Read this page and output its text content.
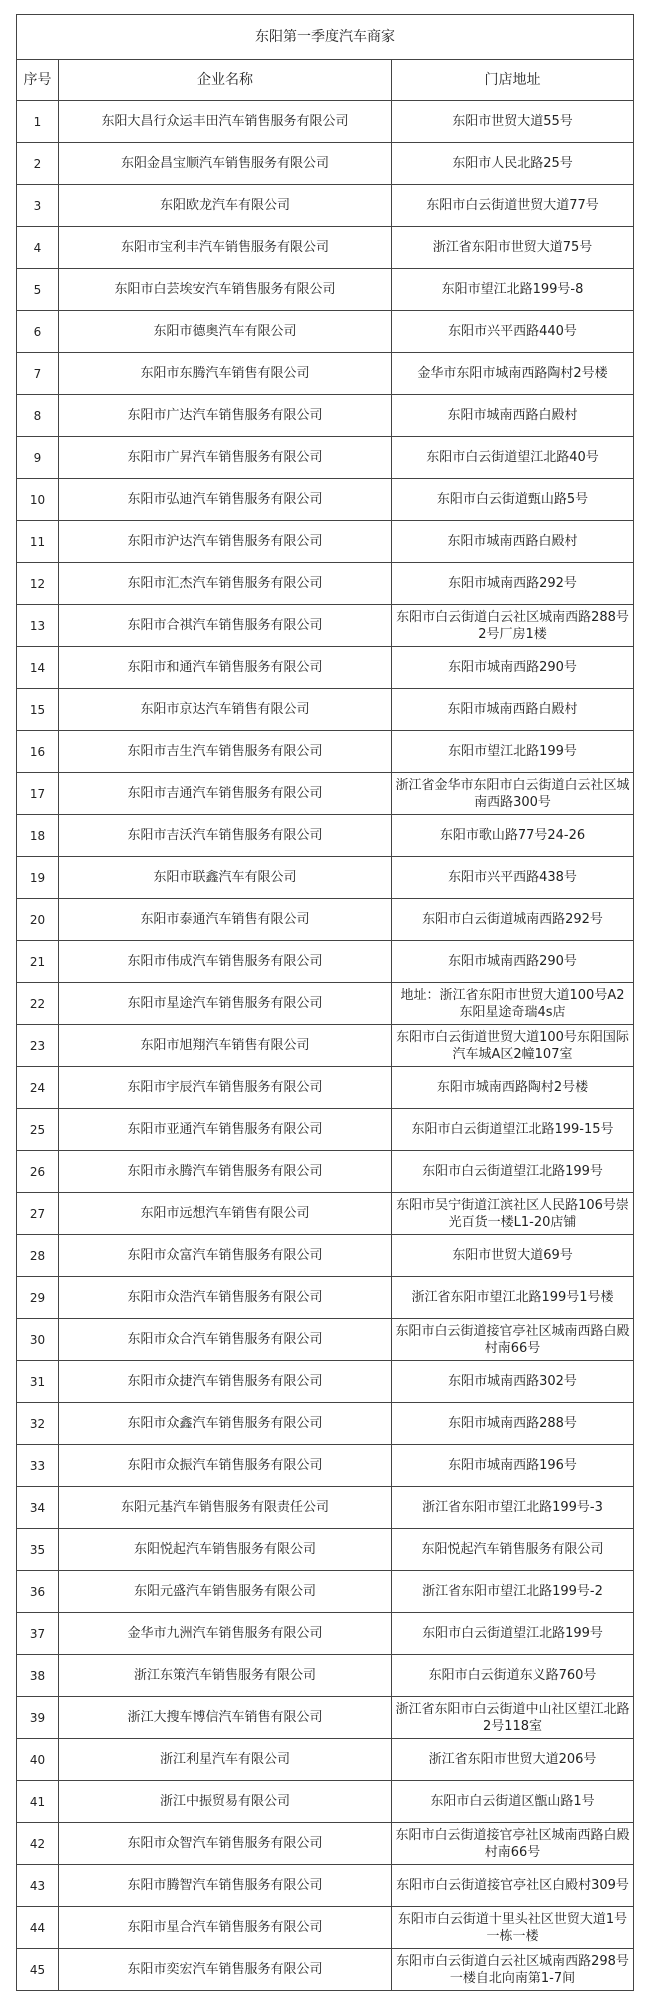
东阳第一季度汽车商家		
序号	企业名称	门店地址
1	东阳大昌行众运丰田汽车销售服务有限公司	东阳市世贸大道55号
2	东阳金昌宝顺汽车销售服务有限公司	东阳市人民北路25号
3	东阳欧龙汽车有限公司	东阳市白云街道世贸大道77号
4	东阳市宝利丰汽车销售服务有限公司	浙江省东阳市世贸大道75号
5	东阳市白芸埃安汽车销售服务有限公司	东阳市望江北路199号-8
6	东阳市德奥汽车有限公司	东阳市兴平西路440号
7	东阳市东腾汽车销售有限公司	金华市东阳市城南西路陶村2号楼
8	东阳市广达汽车销售服务有限公司	东阳市城南西路白殿村
9	东阳市广昇汽车销售服务有限公司	东阳市白云街道望江北路40号
10	东阳市弘迪汽车销售服务有限公司	东阳市白云街道甄山路5号
11	东阳市沪达汽车销售服务有限公司	东阳市城南西路白殿村
12	东阳市汇杰汽车销售服务有限公司	东阳市城南西路292号
13	东阳市合祺汽车销售服务有限公司	东阳市白云街道白云社区城南西路288号2号厂房1楼
14	东阳市和通汽车销售服务有限公司	东阳市城南西路290号
15	东阳市京达汽车销售有限公司	东阳市城南西路白殿村
16	东阳市吉生汽车销售服务有限公司	东阳市望江北路199号
17	东阳市吉通汽车销售服务有限公司	浙江省金华市东阳市白云街道白云社区城南西路300号
18	东阳市吉沃汽车销售服务有限公司	东阳市歌山路77号24-26
19	东阳市联鑫汽车有限公司	东阳市兴平西路438号
20	东阳市泰通汽车销售有限公司	东阳市白云街道城南西路292号
21	东阳市伟成汽车销售服务有限公司	东阳市城南西路290号
22	东阳市星途汽车销售服务有限公司	地址：浙江省东阳市世贸大道100号A2东阳星途奇瑞4s店
23	东阳市旭翔汽车销售有限公司	东阳市白云街道世贸大道100号东阳国际汽车城A区2幢107室
24	东阳市宇辰汽车销售服务有限公司	东阳市城南西路陶村2号楼
25	东阳市亚通汽车销售服务有限公司	东阳市白云街道望江北路199-15号
26	东阳市永腾汽车销售服务有限公司	东阳市白云街道望江北路199号
27	东阳市远想汽车销售有限公司	东阳市吴宁街道江滨社区人民路106号崇光百货一楼L1-20店铺
28	东阳市众富汽车销售服务有限公司	东阳市世贸大道69号
29	东阳市众浩汽车销售服务有限公司	浙江省东阳市望江北路199号1号楼
30	东阳市众合汽车销售服务有限公司	东阳市白云街道接官亭社区城南西路白殿村南66号
31	东阳市众捷汽车销售服务有限公司	东阳市城南西路302号
32	东阳市众鑫汽车销售服务有限公司	东阳市城南西路288号
33	东阳市众振汽车销售服务有限公司	东阳市城南西路196号
34	东阳元基汽车销售服务有限责任公司	浙江省东阳市望江北路199号-3
35	东阳悦起汽车销售服务有限公司	东阳悦起汽车销售服务有限公司
36	东阳元盛汽车销售服务有限公司	浙江省东阳市望江北路199号-2
37	金华市九洲汽车销售服务有限公司	东阳市白云街道望江北路199号
38	浙江东策汽车销售服务有限公司	东阳市白云街道东义路760号
39	浙江大搜车博信汽车销售有限公司	浙江省东阳市白云街道中山社区望江北路2号118室
40	浙江利星汽车有限公司	浙江省东阳市世贸大道206号
41	浙江中振贸易有限公司	东阳市白云街道区甑山路1号
42	东阳市众智汽车销售服务有限公司	东阳市白云街道接官亭社区城南西路白殿村南66号
43	东阳市腾智汽车销售服务有限公司	东阳市白云街道接官亭社区白殿村309号
44	东阳市星合汽车销售服务有限公司	东阳市白云街道十里头社区世贸大道1号一栋一楼
45	东阳市奕宏汽车销售服务有限公司	东阳市白云街道白云社区城南西路298号一楼自北向南第1-7间
